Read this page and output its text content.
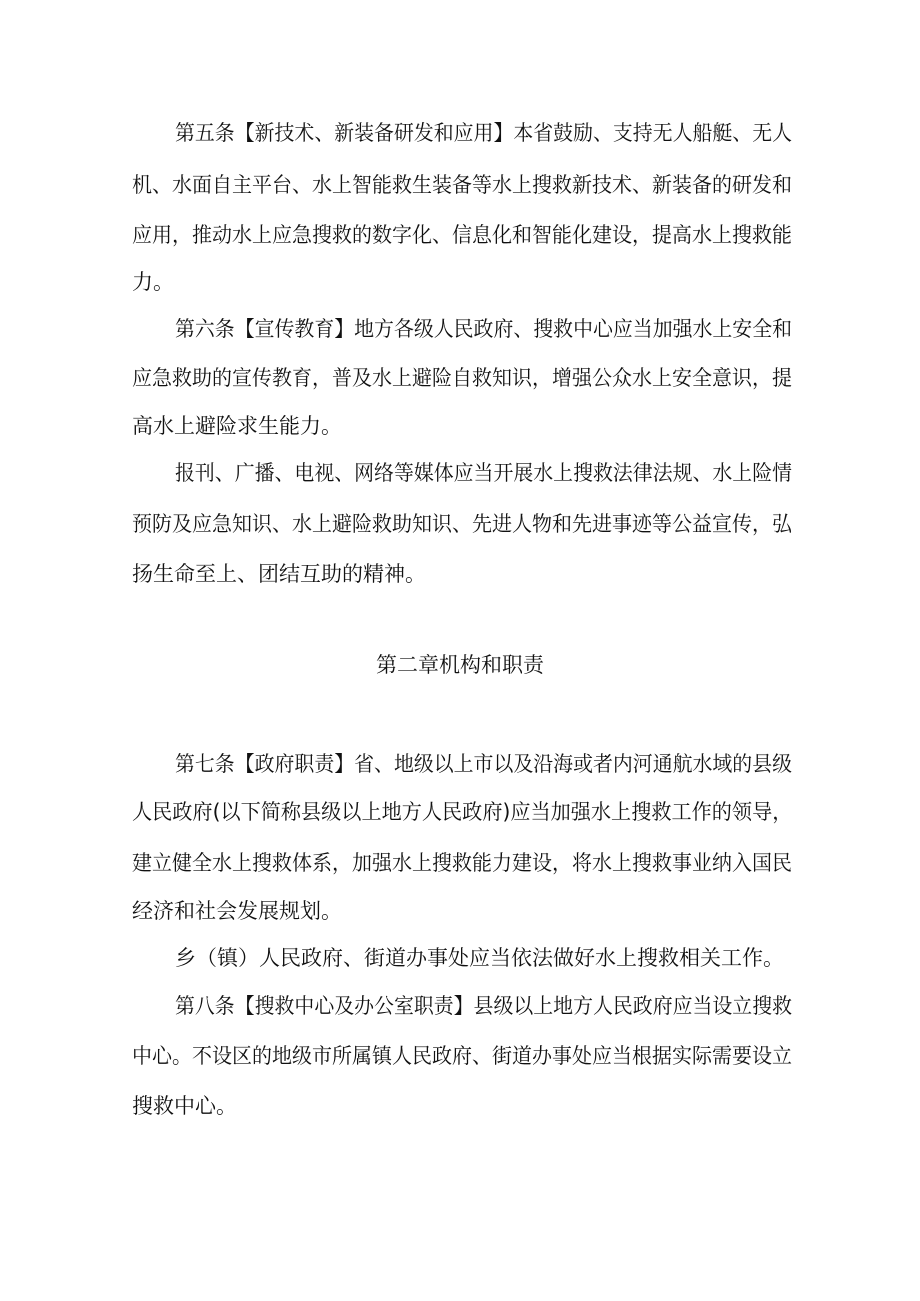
第五条【新技术、新装备研发和应用】本省鼓励、支持无人船艇、无人
机、水面自主平台、水上智能救生装备等水上搜救新技术、新装备的研发和
应用，推动水上应急搜救的数字化、信息化和智能化建设，提高水上搜救能
力。
第六条【宣传教育】地方各级人民政府、搜救中心应当加强水上安全和
应急救助的宣传教育，普及水上避险自救知识，增强公众水上安全意识，提
高水上避险求生能力。
报刊、广播、电视、网络等媒体应当开展水上搜救法律法规、水上险情
预防及应急知识、水上避险救助知识、先进人物和先进事迹等公益宣传，弘
扬生命至上、团结互助的精神。
第二章机构和职责
第七条【政府职责】省、地级以上市以及沿海或者内河通航水域的县级
人民政府(以下简称县级以上地方人民政府)应当加强水上搜救工作的领导，
建立健全水上搜救体系，加强水上搜救能力建设，将水上搜救事业纳入国民
经济和社会发展规划。
乡（镇）人民政府、街道办事处应当依法做好水上搜救相关工作。
第八条【搜救中心及办公室职责】县级以上地方人民政府应当设立搜救
中心。不设区的地级市所属镇人民政府、街道办事处应当根据实际需要设立
搜救中心。
